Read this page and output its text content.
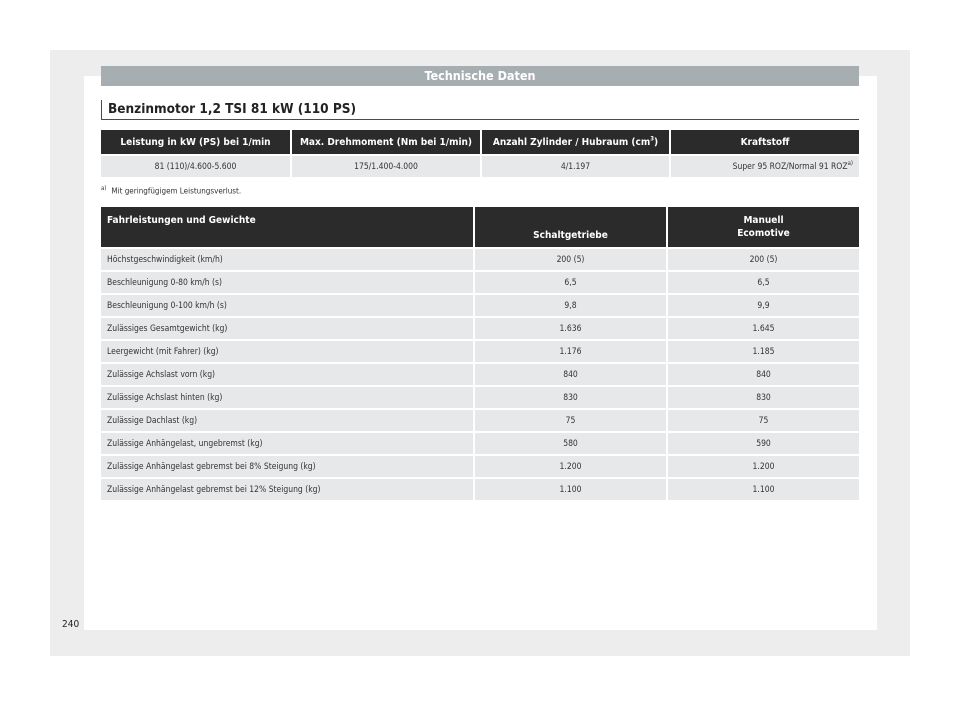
Technische Daten
Benzinmotor 1,2 TSI 81 kW (110 PS)
Leistung in kW (PS) bei 1/min	Max. Drehmoment (Nm bei 1/min)	Anzahl Zylinder / Hubraum $(cm^3)$	Kraftstoff
81 (110)/4.600-5.600	175/1.400-4.000	4/1.197	Super 95 ROZ/Normal 91 ROZ$^{a)}$
$^{a)}$ Mit geringfügigem Leistungsverlust.
Fahrleistungen und Gewichte	Schaltgetriebe	Manuell
Ecomotive
Höchstgeschwindigkeit (km/h)	200 (5)	200 (5)
Beschleunigung 0-80 km/h (s)	6,5	6,5
Beschleunigung 0-100 km/h (s)	9,8	9,9
Zulässiges Gesamtgewicht (kg)	1.636	1.645
Leergewicht (mit Fahrer) (kg)	1.176	1.185
Zulässige Achslast vorn (kg)	840	840
Zulässige Achslast hinten (kg)	830	830
Zulässige Dachlast (kg)	75	75
Zulässige Anhängelast, ungebremst (kg)	580	590
Zulässige Anhängelast gebremst bei 8% Steigung (kg)	1.200	1.200
Zulässige Anhängelast gebremst bei 12% Steigung (kg)	1.100	1.100
240
